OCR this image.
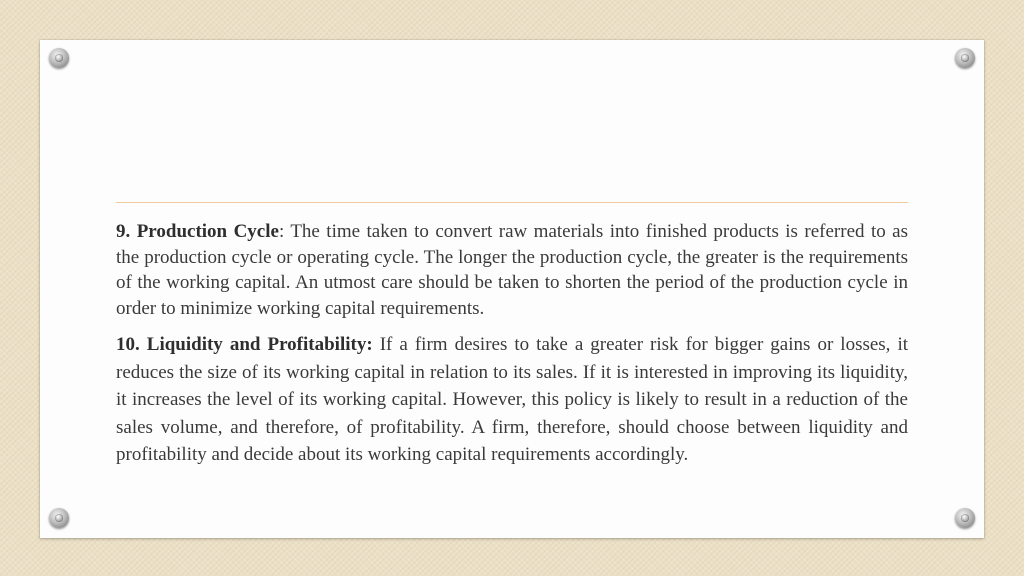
9. Production Cycle: The time taken to convert raw materials into finished products is referred to as the production cycle or operating cycle. The longer the production cycle, the greater is the requirements of the working capital. An utmost care should be taken to shorten the period of the production cycle in order to minimize working capital requirements.

10. Liquidity and Profitability: If a firm desires to take a greater risk for bigger gains or losses, it reduces the size of its working capital in relation to its sales. If it is interested in improving its liquidity, it increases the level of its working capital. However, this policy is likely to result in a reduction of the sales volume, and therefore, of profitability. A firm, therefore, should choose between liquidity and profitability and decide about its working capital requirements accordingly.
